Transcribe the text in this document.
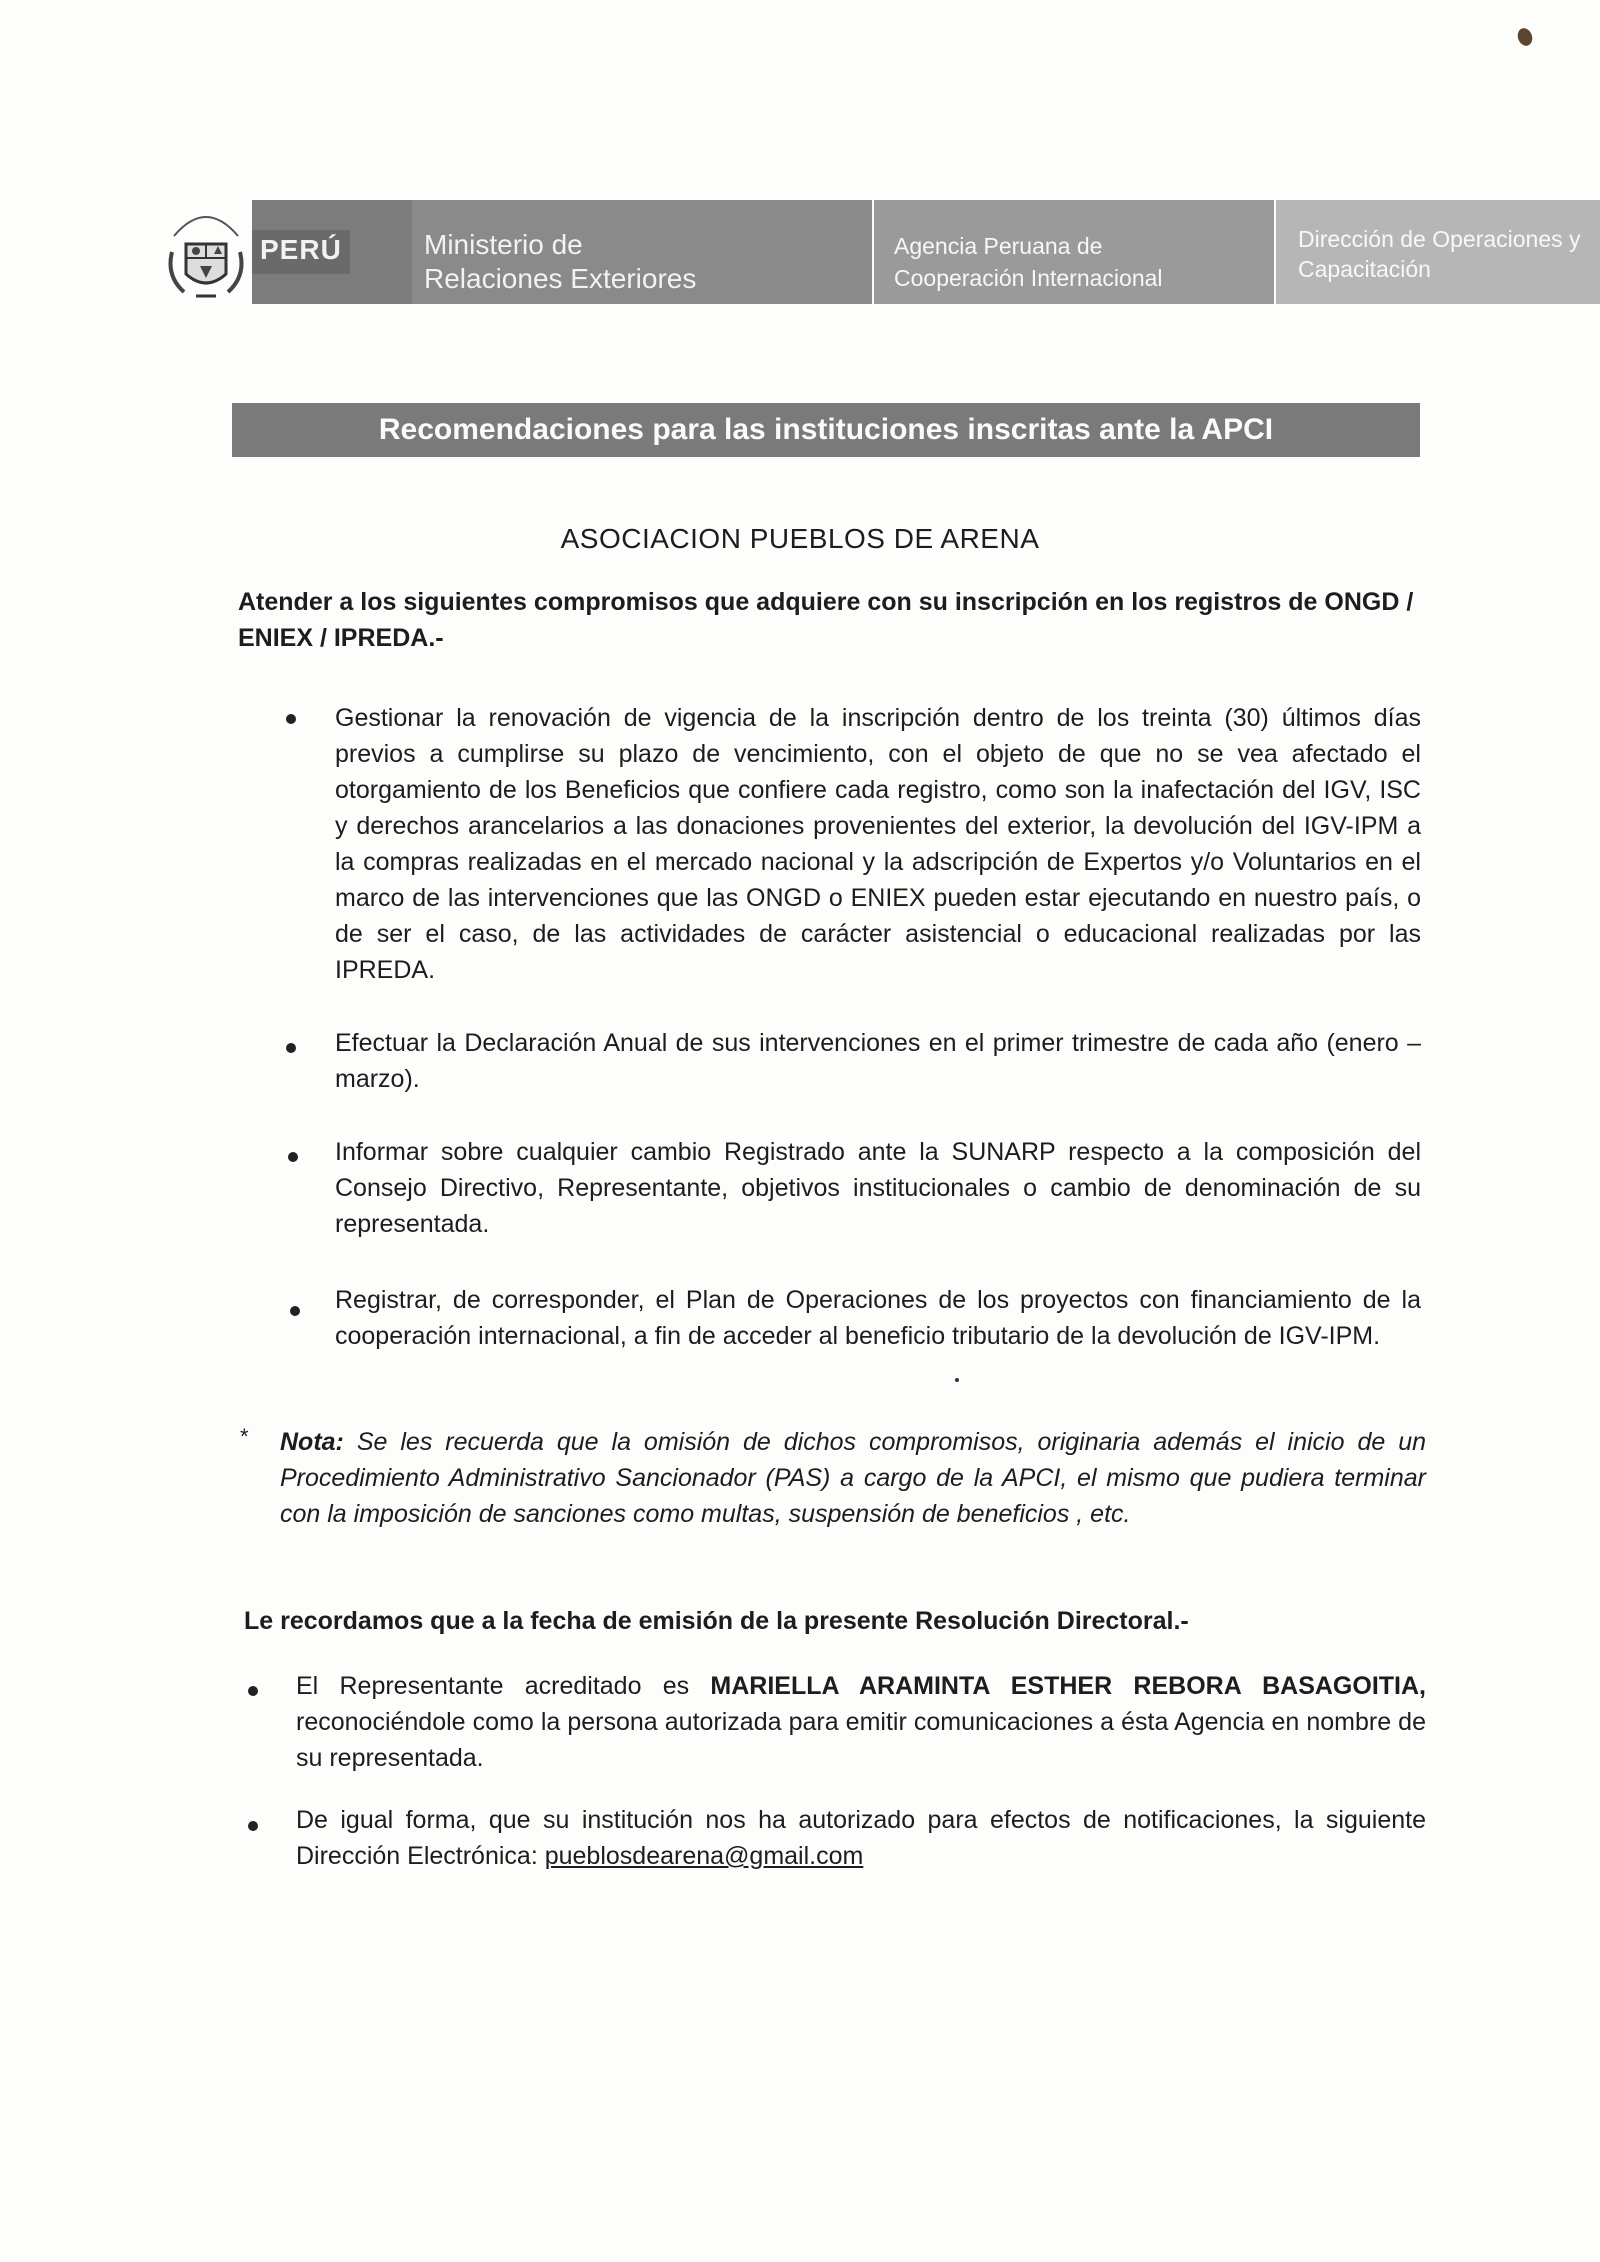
PERÚ	Ministerio de
Relaciones Exteriores
Agencia Peruana de
Cooperación Internacional
Dirección de Operaciones y
Capacitación
Recomendaciones para las instituciones inscritas ante la APCI
ASOCIACION PUEBLOS DE ARENA
Atender a los siguientes compromisos que adquiere con su inscripción en los registros de ONGD /
ENIEX / IPREDA.-
Gestionar la renovación de vigencia de la inscripción dentro de los treinta (30) últimos días previos a cumplirse su plazo de vencimiento, con el objeto de que no se vea afectado el otorgamiento de los Beneficios que confiere cada registro, como son la inafectación del IGV, ISC y derechos arancelarios a las donaciones provenientes del exterior, la devolución del IGV-IPM a la compras realizadas en el mercado nacional y la adscripción de Expertos y/o Voluntarios en el marco de las intervenciones que las ONGD o ENIEX pueden estar ejecutando en nuestro país, o de ser el caso, de las actividades de carácter asistencial o educacional realizadas por las IPREDA.
Efectuar la Declaración Anual de sus intervenciones en el primer trimestre de cada año (enero – marzo).
Informar sobre cualquier cambio Registrado ante la SUNARP respecto a la composición del Consejo Directivo, Representante, objetivos institucionales o cambio de denominación de su representada.
Registrar, de corresponder, el Plan de Operaciones de los proyectos con financiamiento de la cooperación internacional, a fin de acceder al beneficio tributario de la devolución de IGV-IPM.
* Nota: Se les recuerda que la omisión de dichos compromisos, originaria además el inicio de un Procedimiento Administrativo Sancionador (PAS) a cargo de la APCI, el mismo que pudiera terminar con la imposición de sanciones como multas, suspensión de beneficios , etc.
Le recordamos que a la fecha de emisión de la presente Resolución Directoral.-
El Representante acreditado es MARIELLA ARAMINTA ESTHER REBORA BASAGOITIA, reconociéndole como la persona autorizada para emitir comunicaciones a ésta Agencia en nombre de su representada.
De igual forma, que su institución nos ha autorizado para efectos de notificaciones, la siguiente Dirección Electrónica: pueblosdearena@gmail.com
